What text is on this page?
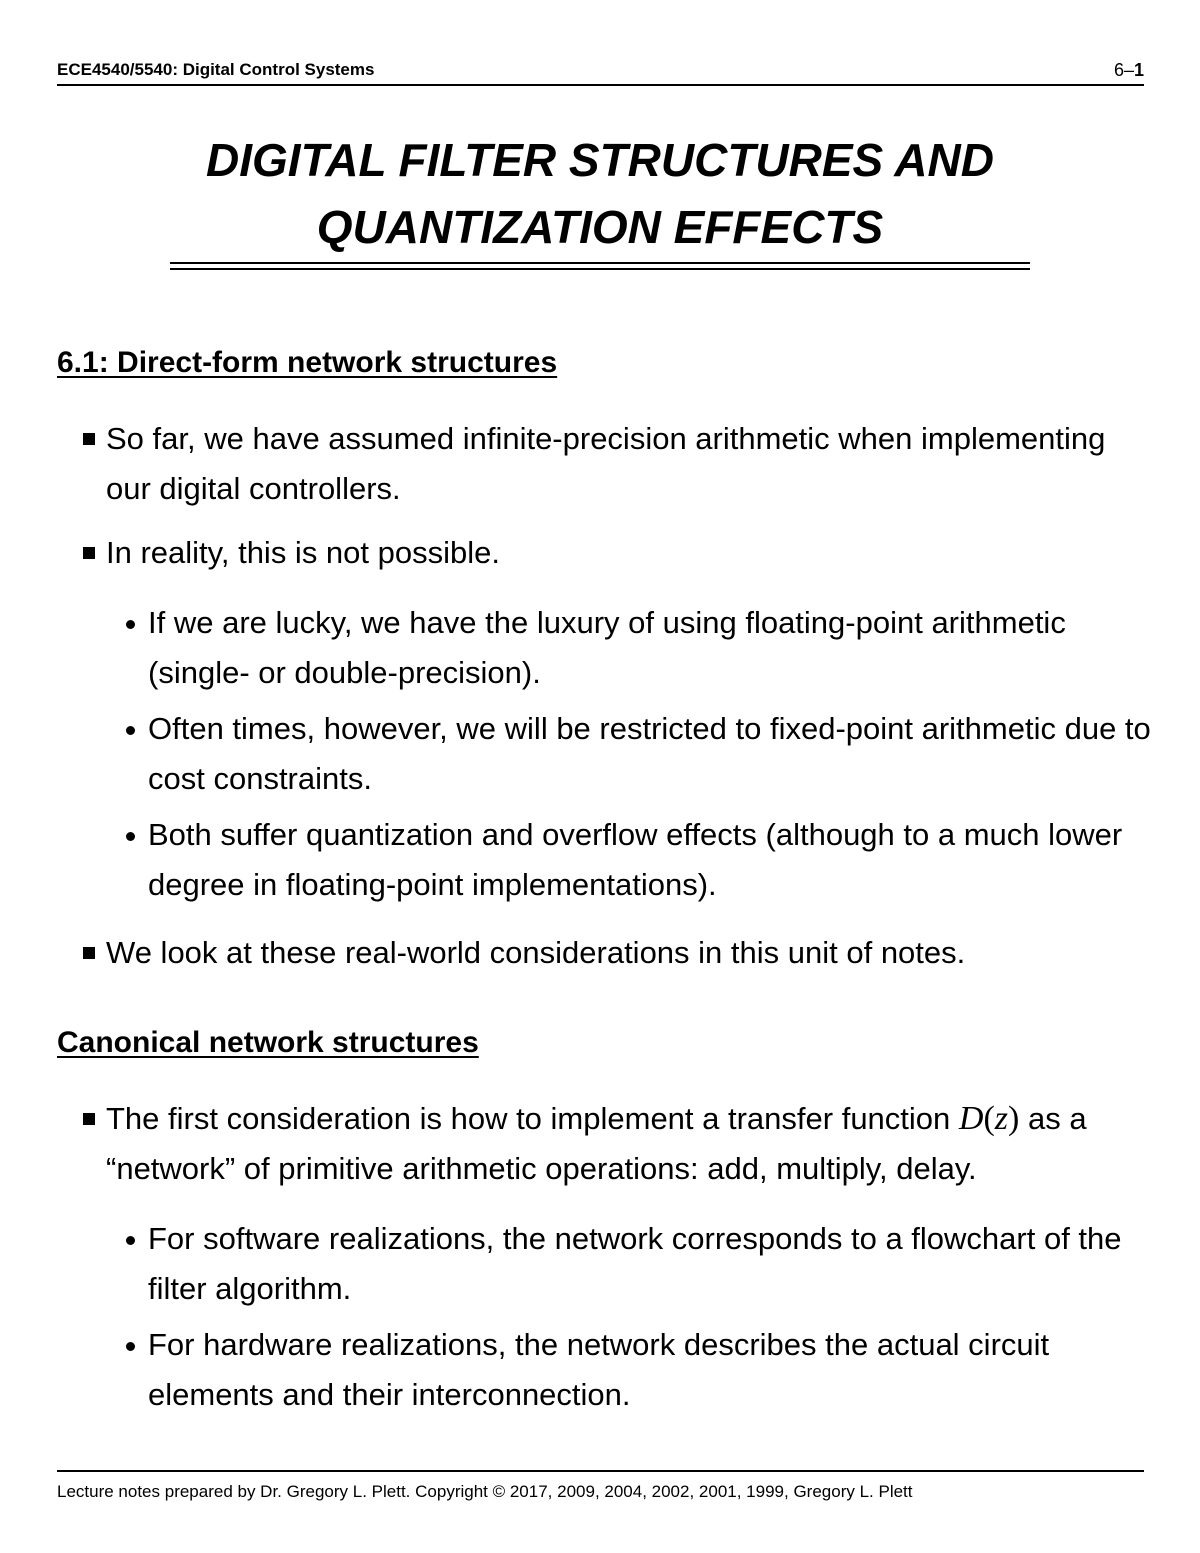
ECE4540/5540: Digital Control Systems	6–1
DIGITAL FILTER STRUCTURES AND
QUANTIZATION EFFECTS
6.1: Direct-form network structures
So far, we have assumed infinite-precision arithmetic when implementing our digital controllers.
In reality, this is not possible.
If we are lucky, we have the luxury of using floating-point arithmetic (single- or double-precision).
Often times, however, we will be restricted to fixed-point arithmetic due to cost constraints.
Both suffer quantization and overflow effects (although to a much lower degree in floating-point implementations).
We look at these real-world considerations in this unit of notes.
Canonical network structures
The first consideration is how to implement a transfer function D(z) as a “network” of primitive arithmetic operations: add, multiply, delay.
For software realizations, the network corresponds to a flowchart of the filter algorithm.
For hardware realizations, the network describes the actual circuit elements and their interconnection.
Lecture notes prepared by Dr. Gregory L. Plett. Copyright © 2017, 2009, 2004, 2002, 2001, 1999, Gregory L. Plett
